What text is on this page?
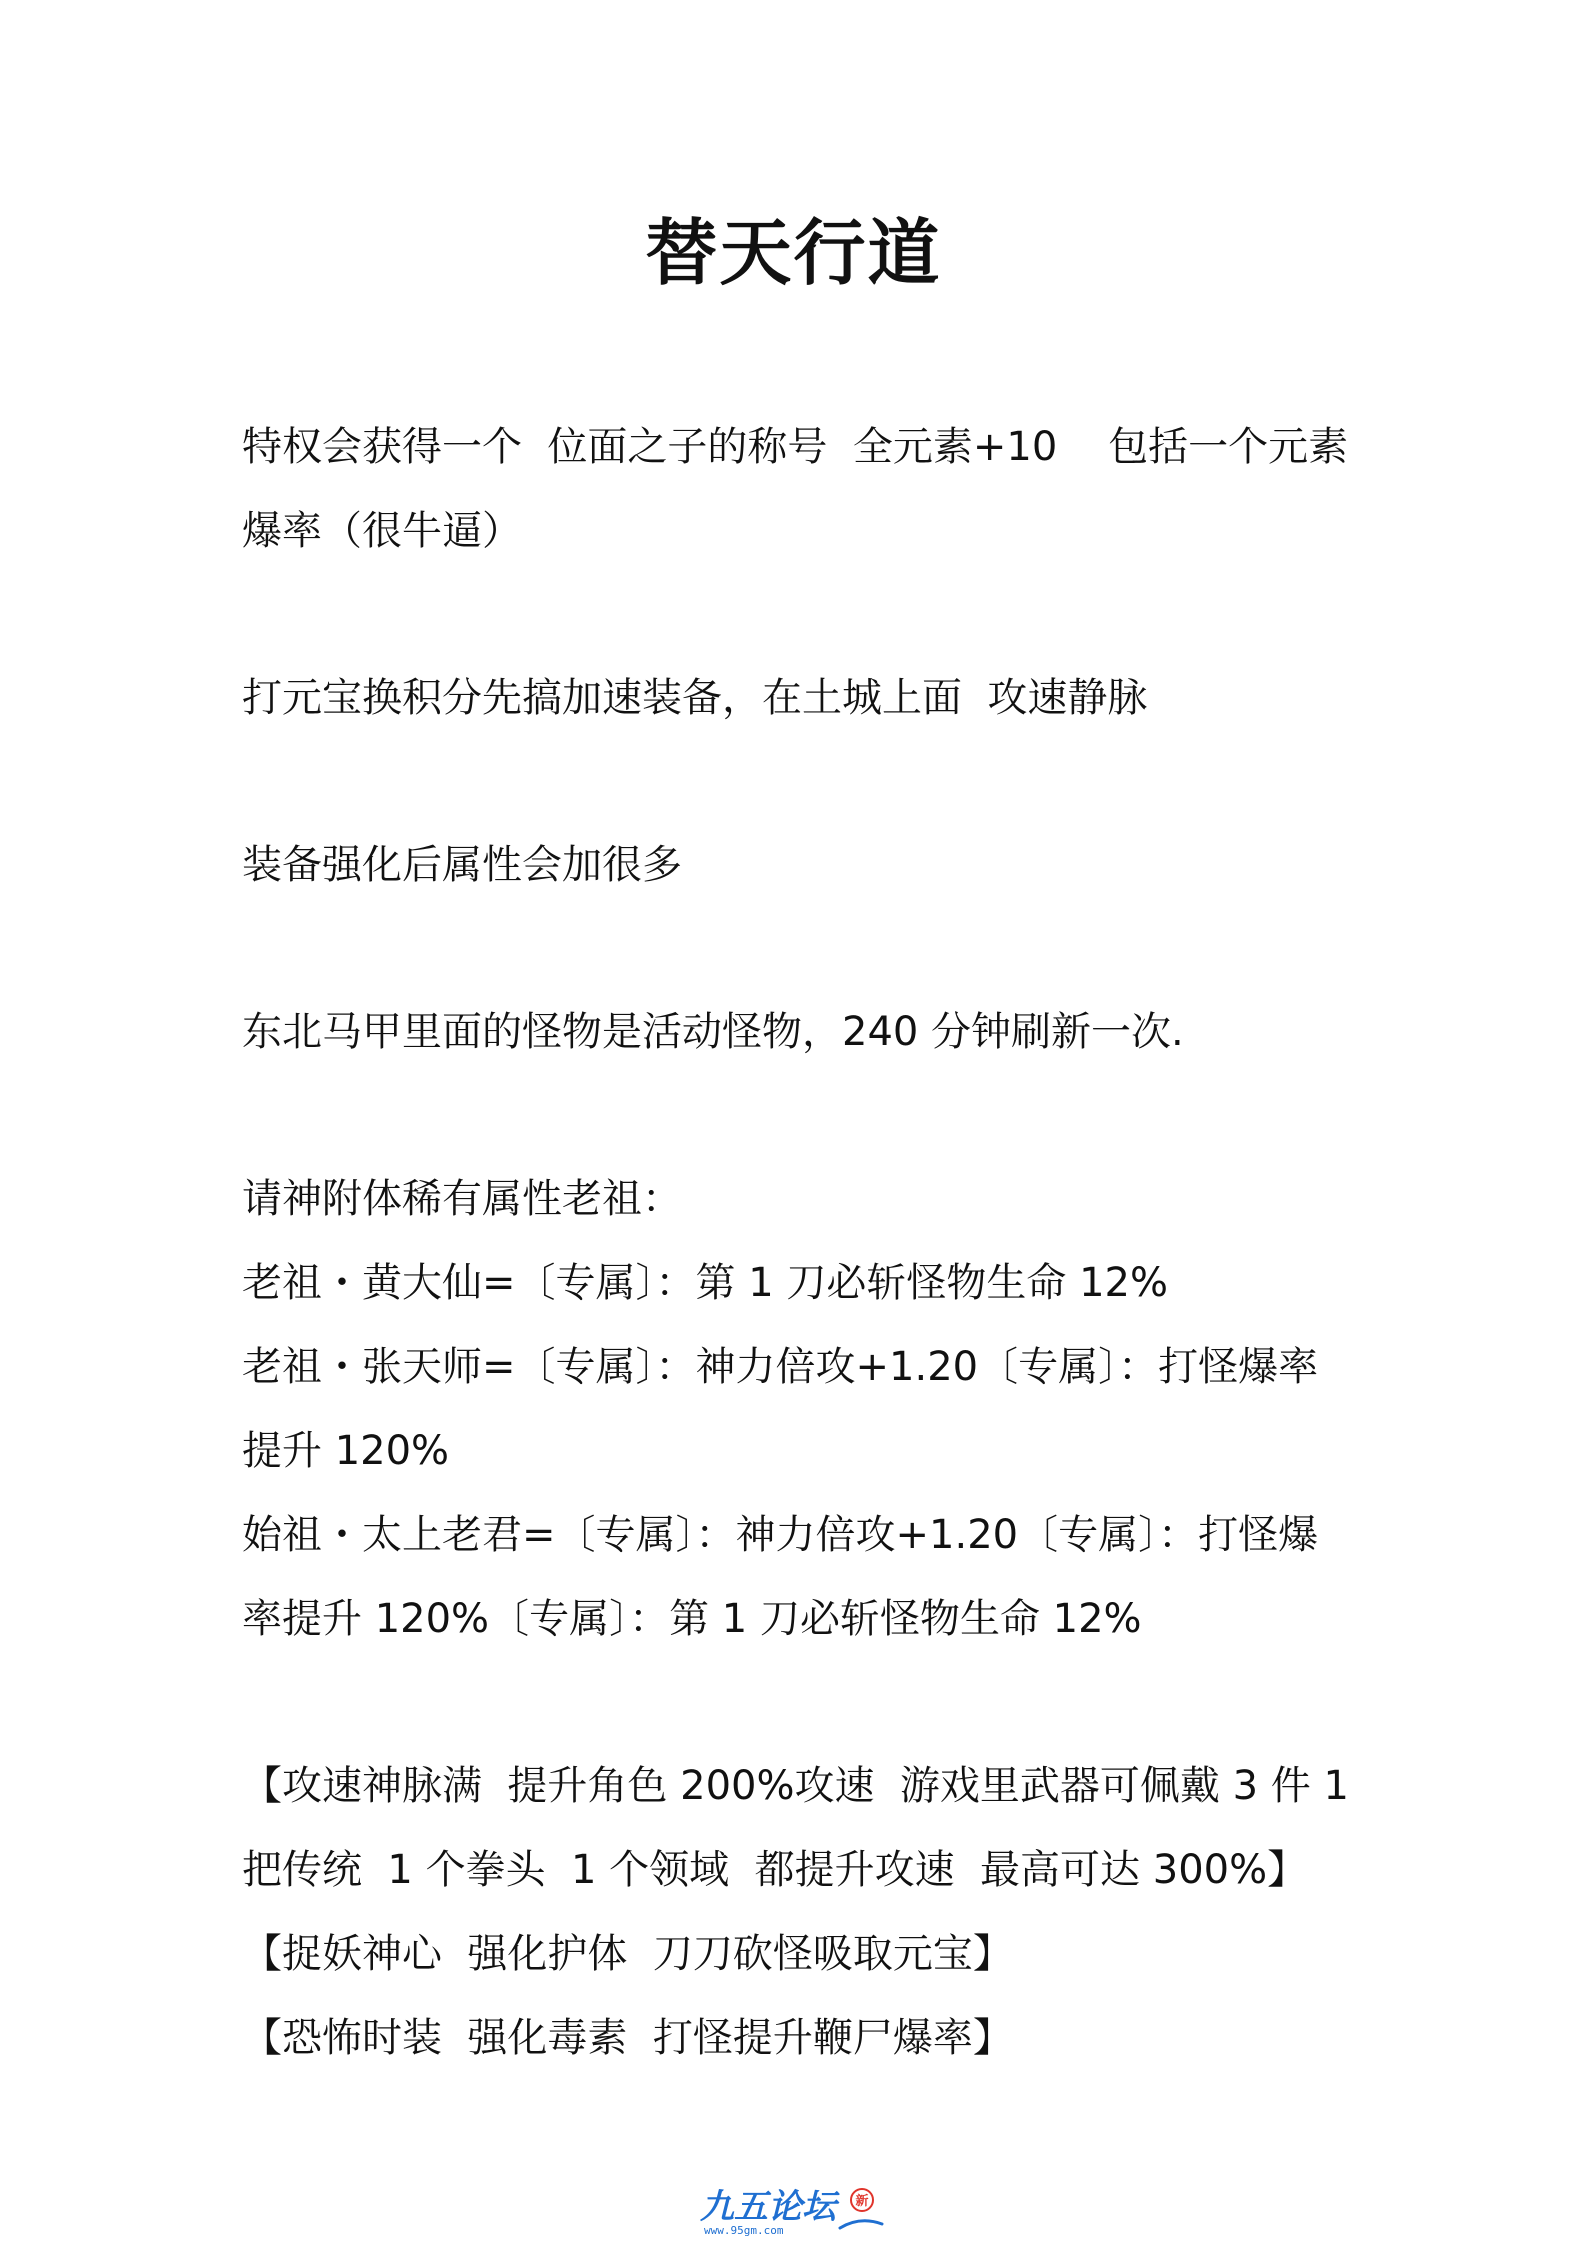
替天行道

特权会获得一个  位面之子的称号  全元素+10    包括一个元素爆率（很牛逼）

打元宝换积分先搞加速装备，在土城上面  攻速静脉

装备强化后属性会加很多

东北马甲里面的怪物是活动怪物，240 分钟刷新一次.

请神附体稀有属性老祖：

老祖・黄大仙=〔专属〕：第 1 刀必斩怪物生命 12%

老祖・张天师=〔专属〕：神力倍攻+1.20〔专属〕：打怪爆率提升 120%

始祖・太上老君=〔专属〕：神力倍攻+1.20〔专属〕：打怪爆率提升 120%〔专属〕：第 1 刀必斩怪物生命 12%

【攻速神脉满  提升角色 200%攻速  游戏里武器可佩戴 3 件 1 把传统  1 个拳头  1 个领域  都提升攻速  最高可达 300%】

【捉妖神心  强化护体  刀刀砍怪吸取元宝】

【恐怖时装  强化毒素  打怪提升鞭尸爆率】

九五论坛
www.95gm.com
新
